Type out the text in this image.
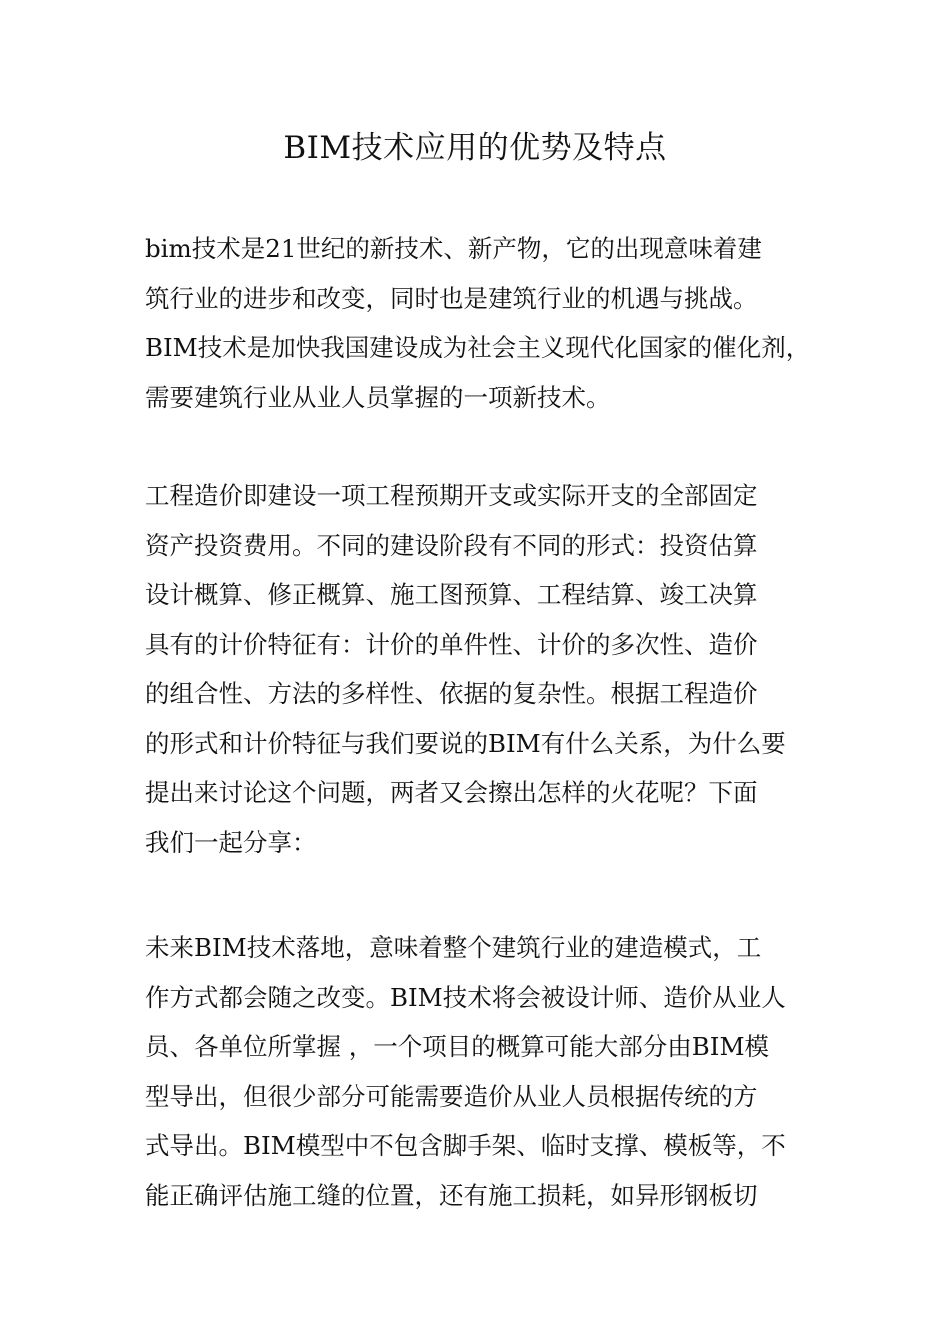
BIM技术应用的优势及特点
bim技术是21世纪的新技术、新产物，它的出现意味着建
筑行业的进步和改变，同时也是建筑行业的机遇与挑战。
BIM技术是加快我国建设成为社会主义现代化国家的催化剂，
需要建筑行业从业人员掌握的一项新技术。
工程造价即建设一项工程预期开支或实际开支的全部固定
资产投资费用。不同的建设阶段有不同的形式：投资估算
设计概算、修正概算、施工图预算、工程结算、竣工决算
具有的计价特征有：计价的单件性、计价的多次性、造价
的组合性、方法的多样性、依据的复杂性。根据工程造价
的形式和计价特征与我们要说的BIM有什么关系，为什么要
提出来讨论这个问题，两者又会擦出怎样的火花呢？下面
我们一起分享：
未来BIM技术落地，意味着整个建筑行业的建造模式，工
作方式都会随之改变。BIM技术将会被设计师、造价从业人
员、各单位所掌握 ，一个项目的概算可能大部分由BIM模
型导出，但很少部分可能需要造价从业人员根据传统的方
式导出。BIM模型中不包含脚手架、临时支撑、模板等，不
能正确评估施工缝的位置，还有施工损耗，如异形钢板切
